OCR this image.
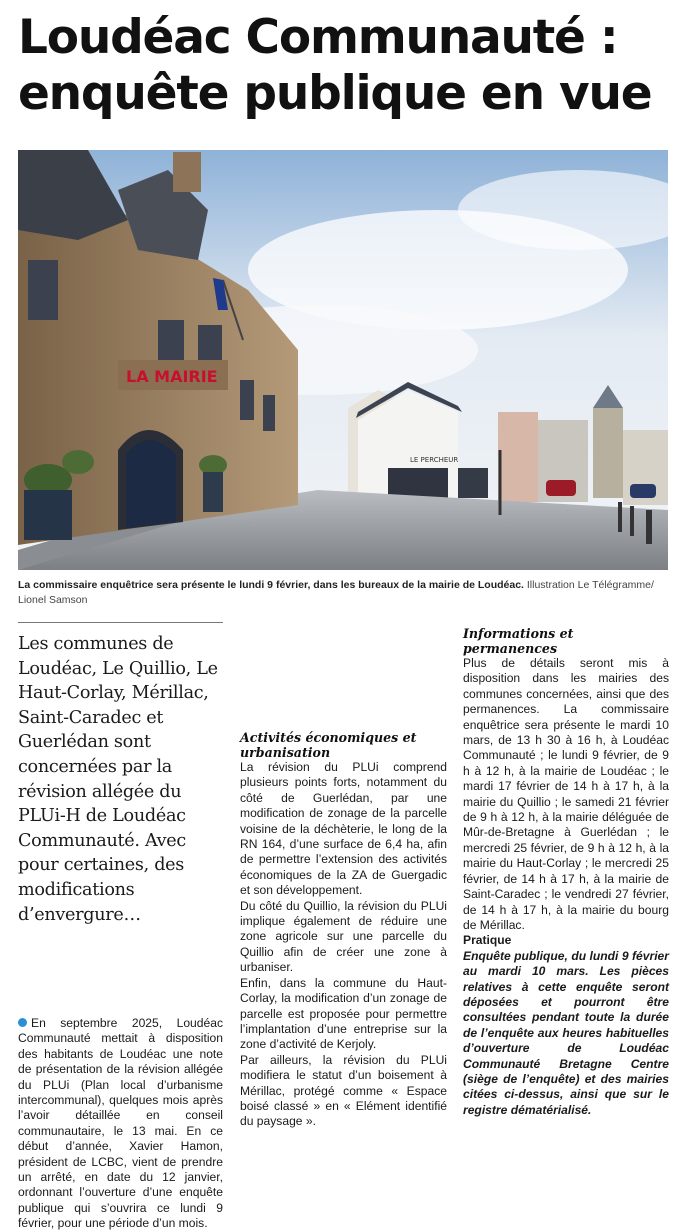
Loudéac Communauté :
enquête publique en vue
LA MAIRIE
LE PERCHEUR
La commissaire enquêtrice sera présente le lundi 9 février, dans les bureaux de la mairie de Loudéac. Illustration Le Télégramme/ Lionel Samson
Les communes de Loudéac, Le Quillio, Le Haut-Corlay, Mérillac, Saint-Caradec et Guerlédan sont concernées par la révision allégée du PLUi-H de Loudéac Communauté. Avec pour certaines, des modifications d’envergure…

En septembre 2025, Loudéac Communauté mettait à disposition des habitants de Loudéac une note de présentation de la révision allégée du PLUi (Plan local d’urbanisme intercommunal), quelques mois après l’avoir détaillée en conseil communautaire, le 13 mai. En ce début d’année, Xavier Hamon, président de LCBC, vient de prendre un arrêté, en date du 12 janvier, ordonnant l’ouverture d’une enquête publique qui s’ouvrira ce lundi 9 février, pour une période d’un mois.

Activités économiques et urbanisation

La révision du PLUi comprend plusieurs points forts, notamment du côté de Guerlédan, par une modification de zonage de la parcelle voisine de la déchèterie, le long de la RN 164, d’une surface de 6,4 ha, afin de permettre l’extension des activités économiques de la ZA de Guergadic et son développement.

Du côté du Quillio, la révision du PLUi implique également de réduire une zone agricole sur une parcelle du Quillio afin de créer une zone à urbaniser.

Enfin, dans la commune du Haut-Corlay, la modification d’un zonage de parcelle est proposée pour permettre l’implantation d’une entreprise sur la zone d’activité de Kerjoly.

Par ailleurs, la révision du PLUi modifiera le statut d’un boisement à Mérillac, protégé comme « Espace boisé classé » en « Elément identifié du paysage ».

Informations et permanences

Plus de détails seront mis à disposition dans les mairies des communes concernées, ainsi que des permanences. La commissaire enquêtrice sera présente le mardi 10 mars, de 13 h 30 à 16 h, à Loudéac Communauté ; le lundi 9 février, de 9 h à 12 h, à la mairie de Loudéac ; le mardi 17 février de 14 h à 17 h, à la mairie du Quillio ; le samedi 21 février de 9 h à 12 h, à la mairie déléguée de Mûr-de-Bretagne à Guerlédan ; le mercredi 25 février, de 9 h à 12 h, à la mairie du Haut-Corlay ; le mercredi 25 février, de 14 h à 17 h, à la mairie de Saint-Caradec ; le vendredi 27 février, de 14 h à 17 h, à la mairie du bourg de Mérillac.

Pratique

Enquête publique, du lundi 9 février au mardi 10 mars. Les pièces relatives à cette enquête seront déposées et pourront être consultées pendant toute la durée de l’enquête aux heures habituelles d’ouverture de Loudéac Communauté Bretagne Centre (siège de l’enquête) et des mairies citées ci-dessus, ainsi que sur le registre dématérialisé.
